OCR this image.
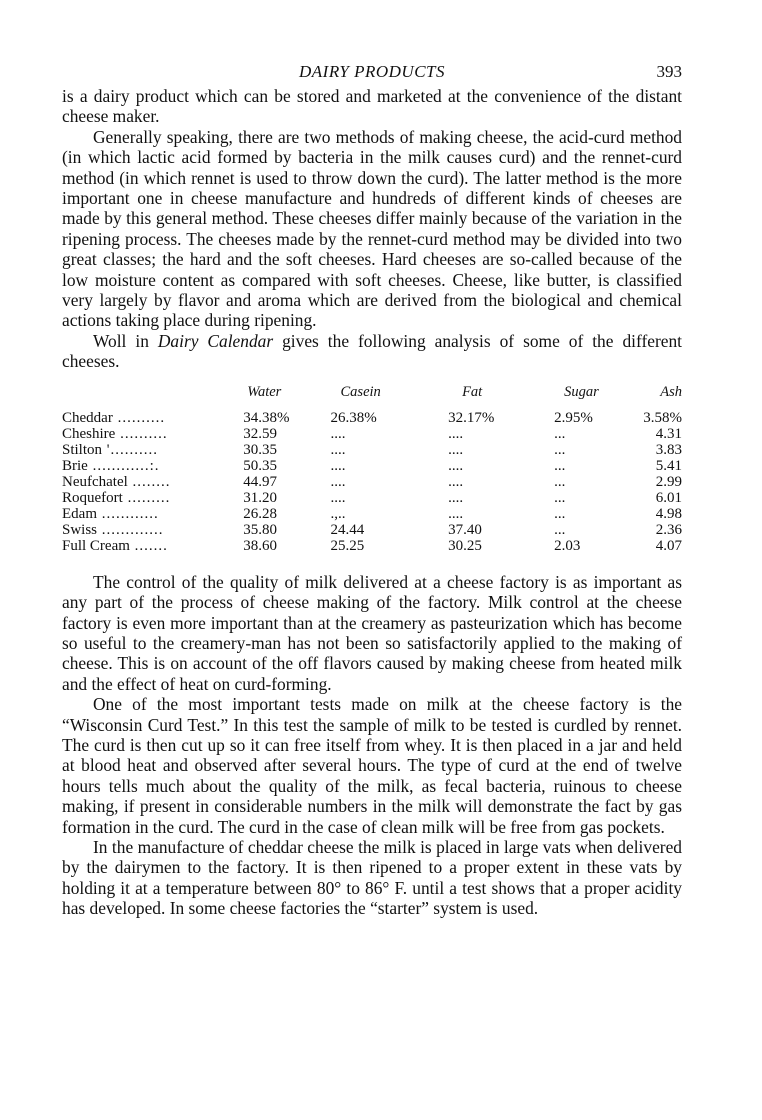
DAIRY PRODUCTS	393

is a dairy product which can be stored and marketed at the convenience of the distant cheese maker.

Generally speaking, there are two methods of making cheese, the acid-curd method (in which lactic acid formed by bacteria in the milk causes curd) and the rennet-curd method (in which rennet is used to throw down the curd). The latter method is the more important one in cheese manufacture and hundreds of different kinds of cheeses are made by this general method. These cheeses differ mainly because of the variation in the ripening process. The cheeses made by the rennet-curd method may be divided into two great classes; the hard and the soft cheeses. Hard cheeses are so-called because of the low moisture content as compared with soft cheeses. Cheese, like butter, is classified very largely by flavor and aroma which are derived from the biological and chemical actions taking place during ripening.

Woll in Dairy Calendar gives the following analysis of some of the different cheeses.

	Water	Casein	Fat	Sugar	Ash
Cheddar ..........	34.38%	26.38%	32.17%	2.95%	3.58%
Cheshire ..........	32.59	....	....	...	4.31
Stilton '..........	30.35	....	....	...	3.83
Brie ............:.	50.35	....	....	...	5.41
Neufchatel ........	44.97	....	....	...	2.99
Roquefort .........	31.20	....	....	...	6.01
Edam ............	26.28	.,..	....	...	4.98
Swiss .............	35.80	24.44	37.40	...	2.36
Full Cream .......	38.60	25.25	30.25	2.03	4.07

The control of the quality of milk delivered at a cheese factory is as important as any part of the process of cheese making of the factory. Milk control at the cheese factory is even more important than at the creamery as pasteurization which has become so useful to the creamery-man has not been so satisfactorily applied to the making of cheese. This is on account of the off flavors caused by making cheese from heated milk and the effect of heat on curd-forming.

One of the most important tests made on milk at the cheese factory is the “Wisconsin Curd Test.” In this test the sample of milk to be tested is curdled by rennet. The curd is then cut up so it can free itself from whey. It is then placed in a jar and held at blood heat and observed after several hours. The type of curd at the end of twelve hours tells much about the quality of the milk, as fecal bacteria, ruinous to cheese making, if present in considerable numbers in the milk will demonstrate the fact by gas formation in the curd. The curd in the case of clean milk will be free from gas pockets.

In the manufacture of cheddar cheese the milk is placed in large vats when delivered by the dairymen to the factory. It is then ripened to a proper extent in these vats by holding it at a temperature between 80° to 86° F. until a test shows that a proper acidity has developed. In some cheese factories the “starter” system is used.
